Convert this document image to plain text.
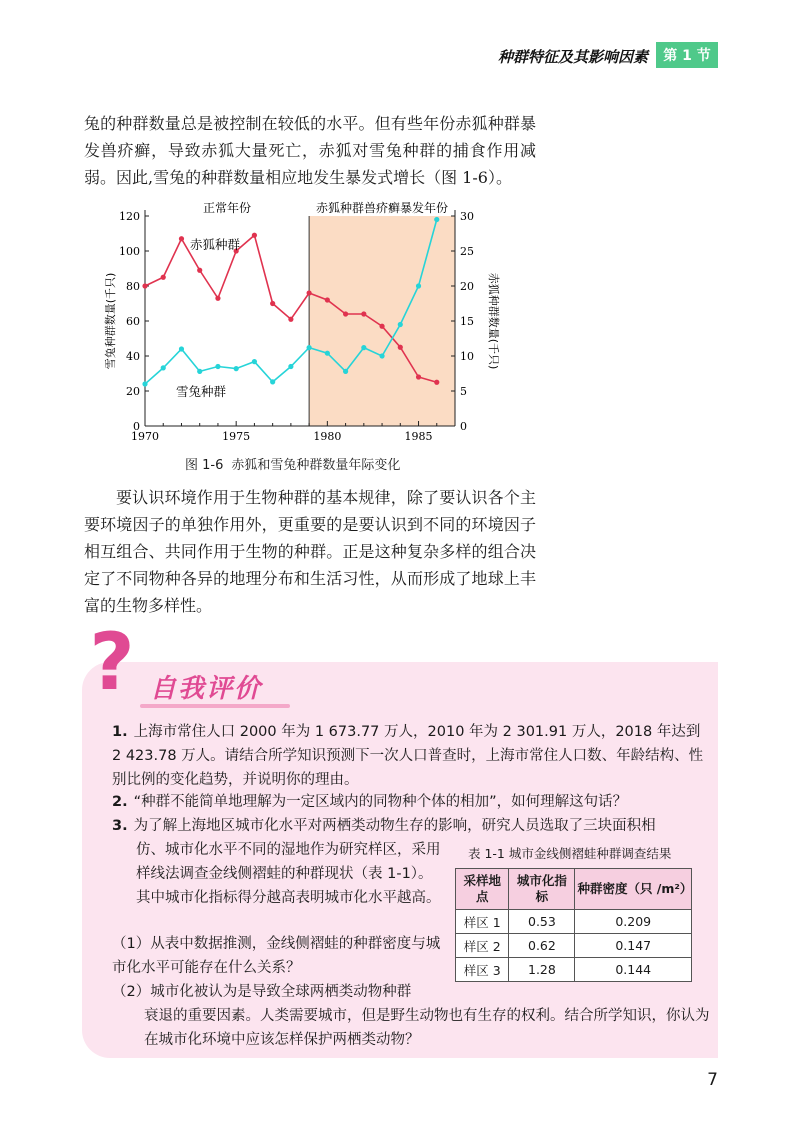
种群特征及其影响因素	第 1 节

兔的种群数量总是被控制在较低的水平。但有些年份赤狐种群暴发兽疥癣，导致赤狐大量死亡，赤狐对雪兔种群的捕食作用减弱。因此,雪兔的种群数量相应地发生暴发式增长（图 1-6）。

0
20
40
60
80
100
120
0
5
10
15
20
25
30
1970	1975	1980	1985
雪兔种群数量(千只)	赤狐种群数量(千只)
正常年份	赤狐种群兽疥癣暴发年份
赤狐种群
雪兔种群
图 1-6 赤狐和雪兔种群数量年际变化

要认识环境作用于生物种群的基本规律，除了要认识各个主要环境因子的单独作用外，更重要的是要认识到不同的环境因子相互组合、共同作用于生物的种群。正是这种复杂多样的组合决定了不同物种各异的地理分布和生活习性，从而形成了地球上丰富的生物多样性。

? 自我评价
1. 上海市常住人口 2000 年为 1 673.77 万人，2010 年为 2 301.91 万人，2018 年达到 2 423.78 万人。请结合所学知识预测下一次人口普查时，上海市常住人口数、年龄结构、性别比例的变化趋势，并说明你的理由。
2. “种群不能简单地理解为一定区域内的同物种个体的相加”，如何理解这句话？
3. 为了解上海地区城市化水平对两栖类动物生存的影响，研究人员选取了三块面积相
仿、城市化水平不同的湿地作为研究样区，采用样线法调查金线侧褶蛙的种群现状（表 1-1）。其中城市化指标得分越高表明城市化水平越高。
（1）从表中数据推测，金线侧褶蛙的种群密度与城市化水平可能存在什么关系？
（2）城市化被认为是导致全球两栖类动物种群
衰退的重要因素。人类需要城市，但是野生动物也有生存的权利。结合所学知识，你认为在城市化环境中应该怎样保护两栖类动物？
表 1-1 城市金线侧褶蛙种群调查结果
采样地点	城市化指标	种群密度（只 /m²）
样区 1	0.53	0.209
样区 2	0.62	0.147
样区 3	1.28	0.144
7
